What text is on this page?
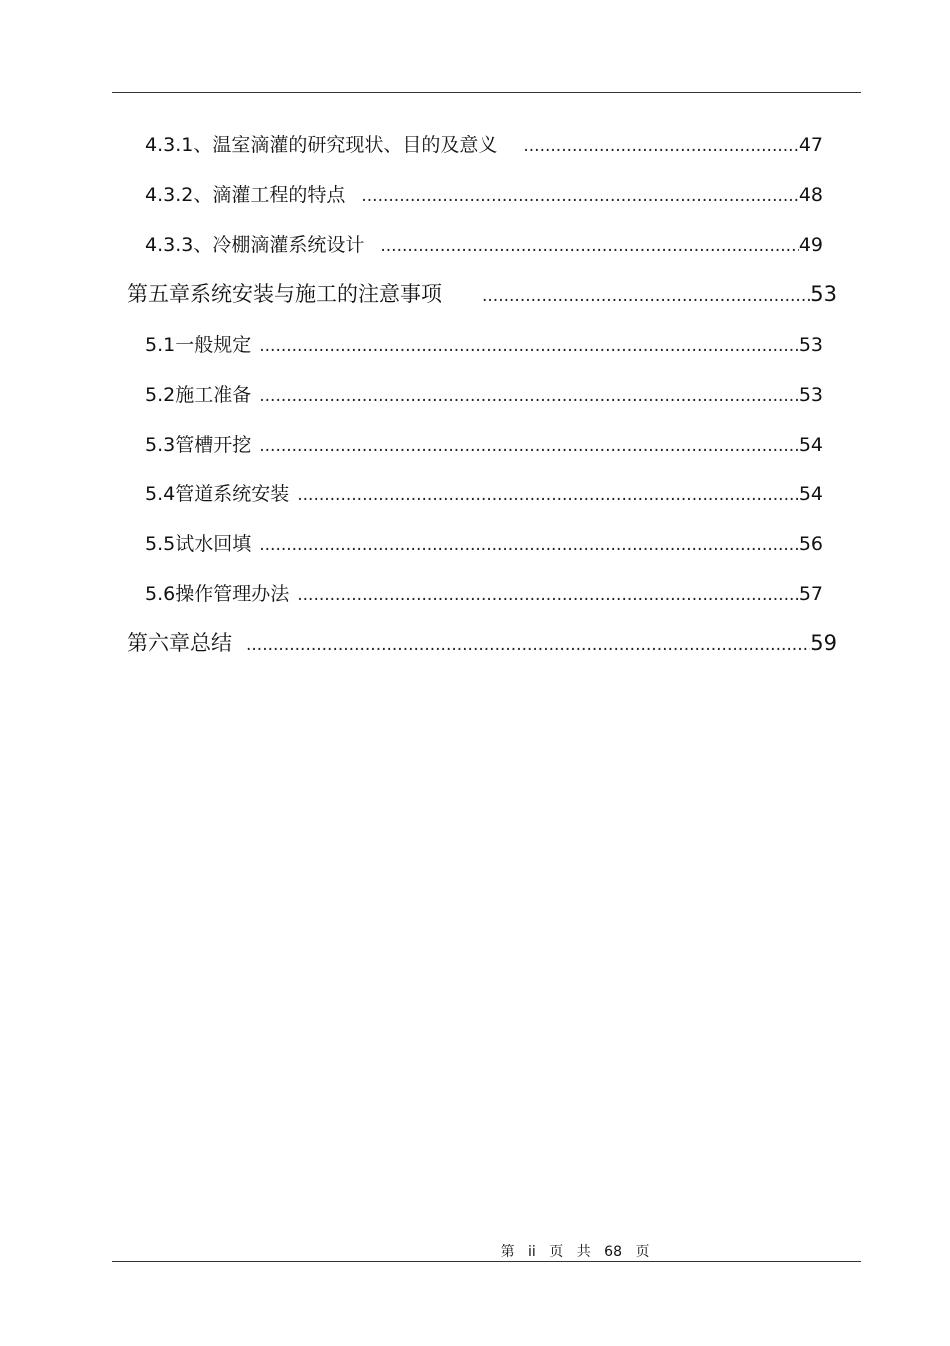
4.3.1 、温室滴灌的研究现状、目的及意义 .....	47
4.3.2 、滴灌工程的特点 .....	48
4.3.3 、冷棚滴灌系统设计 .....	49
第五章 系统安装与施工的注意事项 .....	53
5.1 一般规定 .....	53
5.2 施工准备 .....	53
5.3 管槽开挖 .....	54
5.4 管道系统安装 .....	54
5.5 试水回填 .....	56
5.6 操作管理办法 .....	57
第六章 总结 .....	59
第 ii 页 共 68 页
